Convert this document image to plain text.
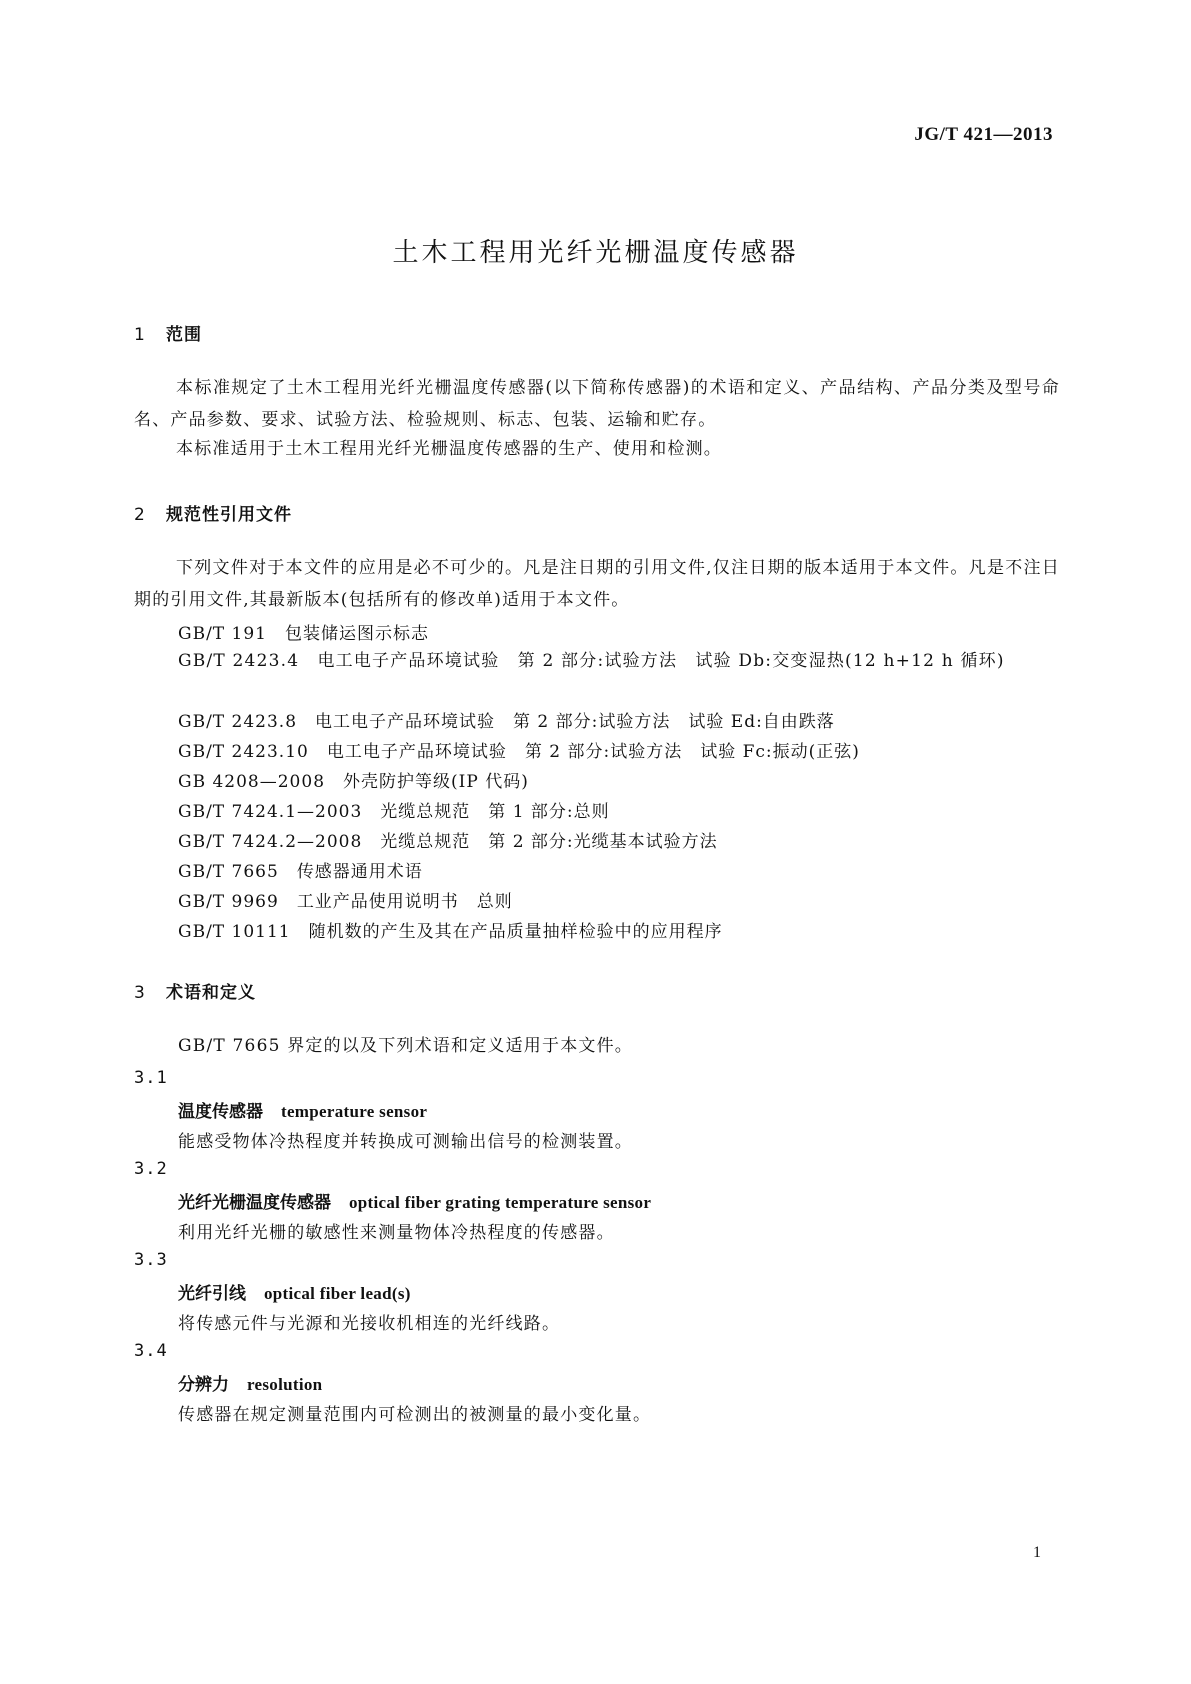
JG/T 421—2013
土木工程用光纤光栅温度传感器
1 范围
本标准规定了土木工程用光纤光栅温度传感器(以下简称传感器)的术语和定义、产品结构、产品分类及型号命名、产品参数、要求、试验方法、检验规则、标志、包装、运输和贮存。
本标准适用于土木工程用光纤光栅温度传感器的生产、使用和检测。
2 规范性引用文件
下列文件对于本文件的应用是必不可少的。凡是注日期的引用文件,仅注日期的版本适用于本文件。凡是不注日期的引用文件,其最新版本(包括所有的修改单)适用于本文件。
GB/T 191　 包装储运图示标志
GB/T 2423.4　 电工电子产品环境试验　第 2 部分:试验方法　试验 Db:交变湿热(12 h+12 h 循环)
GB/T 2423.8　 电工电子产品环境试验　第 2 部分:试验方法　试验 Ed:自由跌落
GB/T 2423.10　 电工电子产品环境试验　第 2 部分:试验方法　试验 Fc:振动(正弦)
GB 4208—2008　 外壳防护等级(IP 代码)
GB/T 7424.1—2003　 光缆总规范　第 1 部分:总则
GB/T 7424.2—2008　 光缆总规范　第 2 部分:光缆基本试验方法
GB/T 7665　 传感器通用术语
GB/T 9969　 工业产品使用说明书　总则
GB/T 10111　 随机数的产生及其在产品质量抽样检验中的应用程序
3 术语和定义
GB/T 7665 界定的以及下列术语和定义适用于本文件。
3.1
温度传感器 temperature sensor
能感受物体冷热程度并转换成可测输出信号的检测装置。
3.2
光纤光栅温度传感器 optical fiber grating temperature sensor
利用光纤光栅的敏感性来测量物体冷热程度的传感器。
3.3
光纤引线 optical fiber lead(s)
将传感元件与光源和光接收机相连的光纤线路。
3.4
分辨力 resolution
传感器在规定测量范围内可检测出的被测量的最小变化量。
1
